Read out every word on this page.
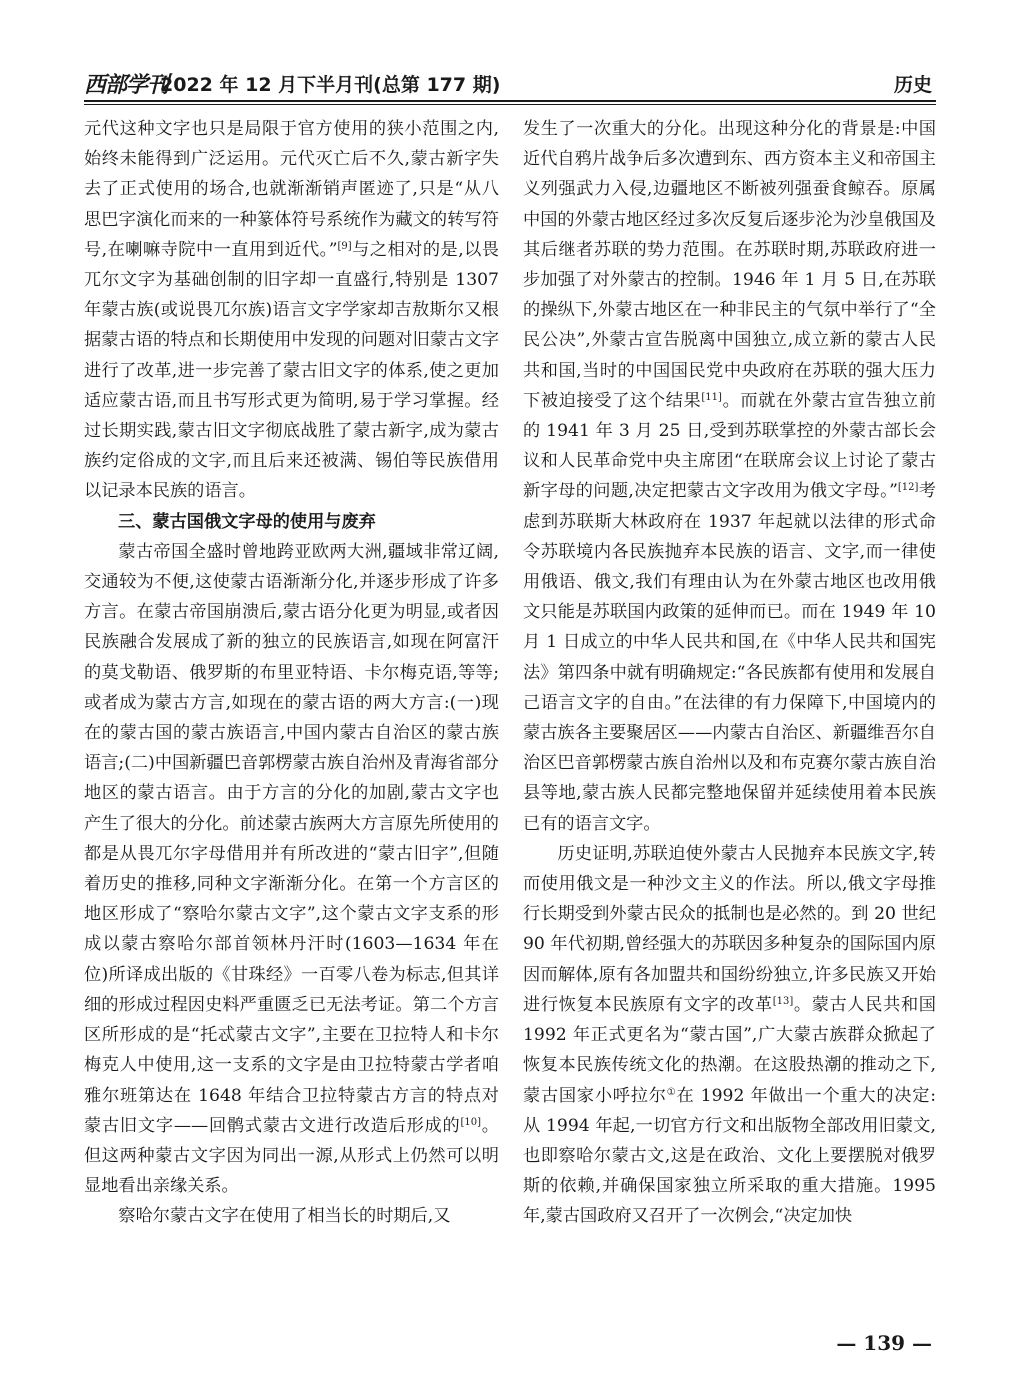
西部学刊
2022 年 12 月下半月刊(总第 177 期)	历史

元代这种文字也只是局限于官方使用的狭小范围之内,始终未能得到广泛运用。元代灭亡后不久,蒙古新字失去了正式使用的场合,也就渐渐销声匿迹了,只是“从八思巴字演化而来的一种篆体符号系统作为藏文的转写符号,在喇嘛寺院中一直用到近代。”[9]与之相对的是,以畏兀尔文字为基础创制的旧字却一直盛行,特别是 1307 年蒙古族(或说畏兀尔族)语言文字学家却吉敖斯尔又根据蒙古语的特点和长期使用中发现的问题对旧蒙古文字进行了改革,进一步完善了蒙古旧文字的体系,使之更加适应蒙古语,而且书写形式更为简明,易于学习掌握。经过长期实践,蒙古旧文字彻底战胜了蒙古新字,成为蒙古族约定俗成的文字,而且后来还被满、锡伯等民族借用以记录本民族的语言。

三、蒙古国俄文字母的使用与废弃

蒙古帝国全盛时曾地跨亚欧两大洲,疆域非常辽阔,交通较为不便,这使蒙古语渐渐分化,并逐步形成了许多方言。在蒙古帝国崩溃后,蒙古语分化更为明显,或者因民族融合发展成了新的独立的民族语言,如现在阿富汗的莫戈勒语、俄罗斯的布里亚特语、卡尔梅克语,等等;或者成为蒙古方言,如现在的蒙古语的两大方言:(一)现在的蒙古国的蒙古族语言,中国内蒙古自治区的蒙古族语言;(二)中国新疆巴音郭楞蒙古族自治州及青海省部分地区的蒙古语言。由于方言的分化的加剧,蒙古文字也产生了很大的分化。前述蒙古族两大方言原先所使用的都是从畏兀尔字母借用并有所改进的“蒙古旧字”,但随着历史的推移,同种文字渐渐分化。在第一个方言区的地区形成了“察哈尔蒙古文字”,这个蒙古文字支系的形成以蒙古察哈尔部首领林丹汗时(1603—1634 年在位)所译成出版的《甘珠经》一百零八卷为标志,但其详细的形成过程因史料严重匮乏已无法考证。第二个方言区所形成的是“托忒蒙古文字”,主要在卫拉特人和卡尔梅克人中使用,这一支系的文字是由卫拉特蒙古学者咱雅尔班第达在 1648 年结合卫拉特蒙古方言的特点对蒙古旧文字——回鹘式蒙古文进行改造后形成的[10]。但这两种蒙古文字因为同出一源,从形式上仍然可以明显地看出亲缘关系。

察哈尔蒙古文字在使用了相当长的时期后,又

发生了一次重大的分化。出现这种分化的背景是:中国近代自鸦片战争后多次遭到东、西方资本主义和帝国主义列强武力入侵,边疆地区不断被列强蚕食鲸吞。原属中国的外蒙古地区经过多次反复后逐步沦为沙皇俄国及其后继者苏联的势力范围。在苏联时期,苏联政府进一步加强了对外蒙古的控制。1946 年 1 月 5 日,在苏联的操纵下,外蒙古地区在一种非民主的气氛中举行了“全民公决”,外蒙古宣告脱离中国独立,成立新的蒙古人民共和国,当时的中国国民党中央政府在苏联的强大压力下被迫接受了这个结果[11]。而就在外蒙古宣告独立前的 1941 年 3 月 25 日,受到苏联掌控的外蒙古部长会议和人民革命党中央主席团“在联席会议上讨论了蒙古新字母的问题,决定把蒙古文字改用为俄文字母。”[12]考虑到苏联斯大林政府在 1937 年起就以法律的形式命令苏联境内各民族抛弃本民族的语言、文字,而一律使用俄语、俄文,我们有理由认为在外蒙古地区也改用俄文只能是苏联国内政策的延伸而已。而在 1949 年 10 月 1 日成立的中华人民共和国,在《中华人民共和国宪法》第四条中就有明确规定:“各民族都有使用和发展自己语言文字的自由。”在法律的有力保障下,中国境内的蒙古族各主要聚居区——内蒙古自治区、新疆维吾尔自治区巴音郭楞蒙古族自治州以及和布克赛尔蒙古族自治县等地,蒙古族人民都完整地保留并延续使用着本民族已有的语言文字。

历史证明,苏联迫使外蒙古人民抛弃本民族文字,转而使用俄文是一种沙文主义的作法。所以,俄文字母推行长期受到外蒙古民众的抵制也是必然的。到 20 世纪 90 年代初期,曾经强大的苏联因多种复杂的国际国内原因而解体,原有各加盟共和国纷纷独立,许多民族又开始进行恢复本民族原有文字的改革[13]。蒙古人民共和国 1992 年正式更名为“蒙古国”,广大蒙古族群众掀起了恢复本民族传统文化的热潮。在这股热潮的推动之下,蒙古国家小呼拉尔①在 1992 年做出一个重大的决定:从 1994 年起,一切官方行文和出版物全部改用旧蒙文,也即察哈尔蒙古文,这是在政治、文化上要摆脱对俄罗斯的依赖,并确保国家独立所采取的重大措施。1995 年,蒙古国政府又召开了一次例会,“决定加快

— 139 —
